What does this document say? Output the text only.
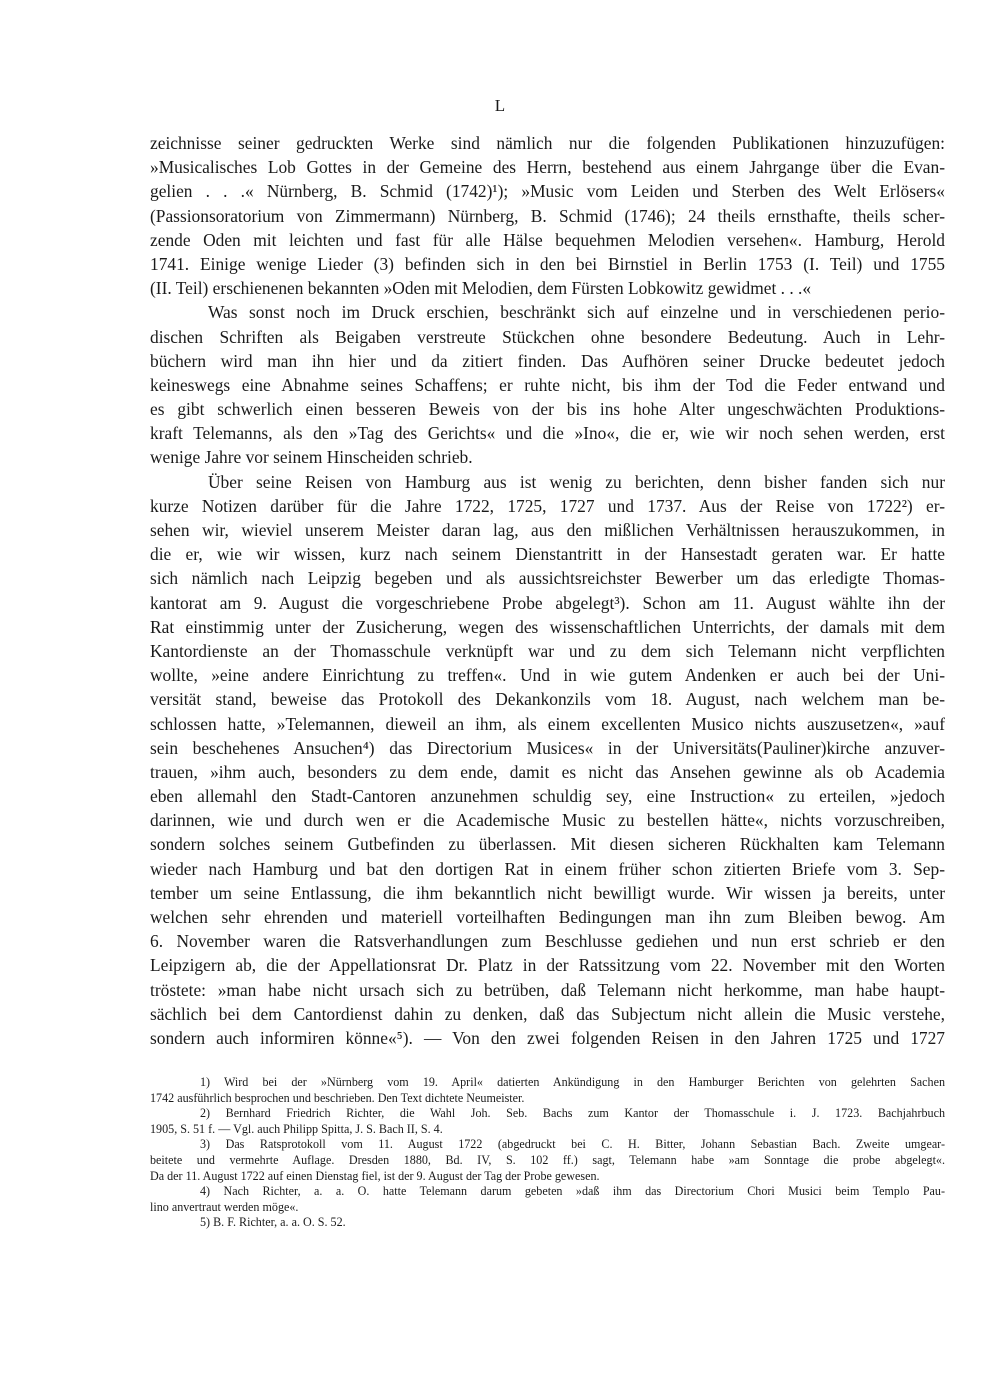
L
zeichnisse seiner gedruckten Werke sind nämlich nur die folgenden Publikationen hinzuzufügen:
»Musicalisches Lob Gottes in der Gemeine des Herrn, bestehend aus einem Jahrgange über die Evan-
gelien . . .« Nürnberg, B. Schmid (1742)¹); »Music vom Leiden und Sterben des Welt Erlösers«
(Passionsoratorium von Zimmermann) Nürnberg, B. Schmid (1746); 24 theils ernsthafte, theils scher-
zende Oden mit leichten und fast für alle Hälse bequehmen Melodien versehen«. Hamburg, Herold
1741. Einige wenige Lieder (3) befinden sich in den bei Birnstiel in Berlin 1753 (I. Teil) und 1755
(II. Teil) erschienenen bekannten »Oden mit Melodien, dem Fürsten Lobkowitz gewidmet . . .«
Was sonst noch im Druck erschien, beschränkt sich auf einzelne und in verschiedenen perio-
dischen Schriften als Beigaben verstreute Stückchen ohne besondere Bedeutung. Auch in Lehr-
büchern wird man ihn hier und da zitiert finden. Das Aufhören seiner Drucke bedeutet jedoch
keineswegs eine Abnahme seines Schaffens; er ruhte nicht, bis ihm der Tod die Feder entwand und
es gibt schwerlich einen besseren Beweis von der bis ins hohe Alter ungeschwächten Produktions-
kraft Telemanns, als den »Tag des Gerichts« und die »Ino«, die er, wie wir noch sehen werden, erst
wenige Jahre vor seinem Hinscheiden schrieb.
Über seine Reisen von Hamburg aus ist wenig zu berichten, denn bisher fanden sich nur
kurze Notizen darüber für die Jahre 1722, 1725, 1727 und 1737. Aus der Reise von 1722²) er-
sehen wir, wieviel unserem Meister daran lag, aus den mißlichen Verhältnissen herauszukommen, in
die er, wie wir wissen, kurz nach seinem Dienstantritt in der Hansestadt geraten war. Er hatte
sich nämlich nach Leipzig begeben und als aussichtsreichster Bewerber um das erledigte Thomas-
kantorat am 9. August die vorgeschriebene Probe abgelegt³). Schon am 11. August wählte ihn der
Rat einstimmig unter der Zusicherung, wegen des wissenschaftlichen Unterrichts, der damals mit dem
Kantordienste an der Thomasschule verknüpft war und zu dem sich Telemann nicht verpflichten
wollte, »eine andere Einrichtung zu treffen«. Und in wie gutem Andenken er auch bei der Uni-
versität stand, beweise das Protokoll des Dekankonzils vom 18. August, nach welchem man be-
schlossen hatte, »Telemannen, dieweil an ihm, als einem excellenten Musico nichts auszusetzen«, »auf
sein beschehenes Ansuchen⁴) das Directorium Musices« in der Universitäts(Pauliner)kirche anzuver-
trauen, »ihm auch, besonders zu dem ende, damit es nicht das Ansehen gewinne als ob Academia
eben allemahl den Stadt-Cantoren anzunehmen schuldig sey, eine Instruction« zu erteilen, »jedoch
darinnen, wie und durch wen er die Academische Music zu bestellen hätte«, nichts vorzuschreiben,
sondern solches seinem Gutbefinden zu überlassen. Mit diesen sicheren Rückhalten kam Telemann
wieder nach Hamburg und bat den dortigen Rat in einem früher schon zitierten Briefe vom 3. Sep-
tember um seine Entlassung, die ihm bekanntlich nicht bewilligt wurde. Wir wissen ja bereits, unter
welchen sehr ehrenden und materiell vorteilhaften Bedingungen man ihn zum Bleiben bewog. Am
6. November waren die Ratsverhandlungen zum Beschlusse gediehen und nun erst schrieb er den
Leipzigern ab, die der Appellationsrat Dr. Platz in der Ratssitzung vom 22. November mit den Worten
tröstete: »man habe nicht ursach sich zu betrüben, daß Telemann nicht herkomme, man habe haupt-
sächlich bei dem Cantordienst dahin zu denken, daß das Subjectum nicht allein die Music verstehe,
sondern auch informiren könne«⁵). — Von den zwei folgenden Reisen in den Jahren 1725 und 1727
1) Wird bei der »Nürnberg vom 19. April« datierten Ankündigung in den Hamburger Berichten von gelehrten Sachen
1742 ausführlich besprochen und beschrieben. Den Text dichtete Neumeister.
2) Bernhard Friedrich Richter, die Wahl Joh. Seb. Bachs zum Kantor der Thomasschule i. J. 1723. Bachjahrbuch
1905, S. 51 f. — Vgl. auch Philipp Spitta, J. S. Bach II, S. 4.
3) Das Ratsprotokoll vom 11. August 1722 (abgedruckt bei C. H. Bitter, Johann Sebastian Bach. Zweite umgear-
beitete und vermehrte Auflage. Dresden 1880, Bd. IV, S. 102 ff.) sagt, Telemann habe »am Sonntage die probe abgelegt«.
Da der 11. August 1722 auf einen Dienstag fiel, ist der 9. August der Tag der Probe gewesen.
4) Nach Richter, a. a. O. hatte Telemann darum gebeten »daß ihm das Directorium Chori Musici beim Templo Pau-
lino anvertraut werden möge«.
5) B. F. Richter, a. a. O. S. 52.
